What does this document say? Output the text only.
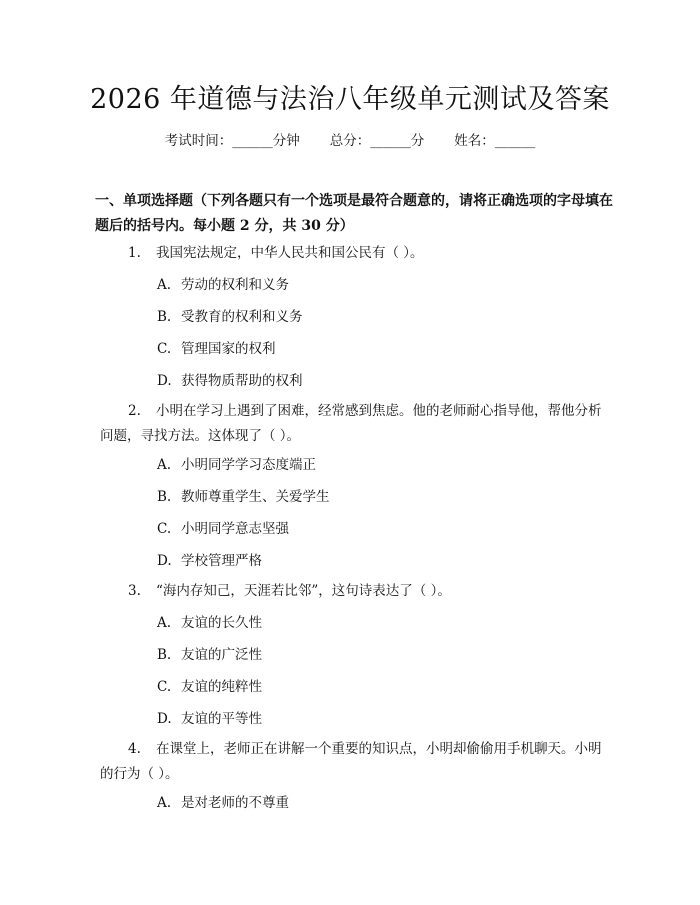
2026 年道德与法治八年级单元测试及答案
考试时间：______分钟 总分：______分 姓名：______
一、单项选择题（下列各题只有一个选项是最符合题意的，请将正确选项的字母填在题后的括号内。每小题 2 分，共 30 分）
1. 我国宪法规定，中华人民共和国公民有（ ）。
A. 劳动的权利和义务
B. 受教育的权利和义务
C. 管理国家的权利
D. 获得物质帮助的权利
2. 小明在学习上遇到了困难，经常感到焦虑。他的老师耐心指导他，帮他分析问题，寻找方法。这体现了（ ）。
A. 小明同学学习态度端正
B. 教师尊重学生、关爱学生
C. 小明同学意志坚强
D. 学校管理严格
3. “海内存知己，天涯若比邻”，这句诗表达了（ ）。
A. 友谊的长久性
B. 友谊的广泛性
C. 友谊的纯粹性
D. 友谊的平等性
4. 在课堂上，老师正在讲解一个重要的知识点，小明却偷偷用手机聊天。小明的行为（ ）。
A. 是对老师的不尊重
